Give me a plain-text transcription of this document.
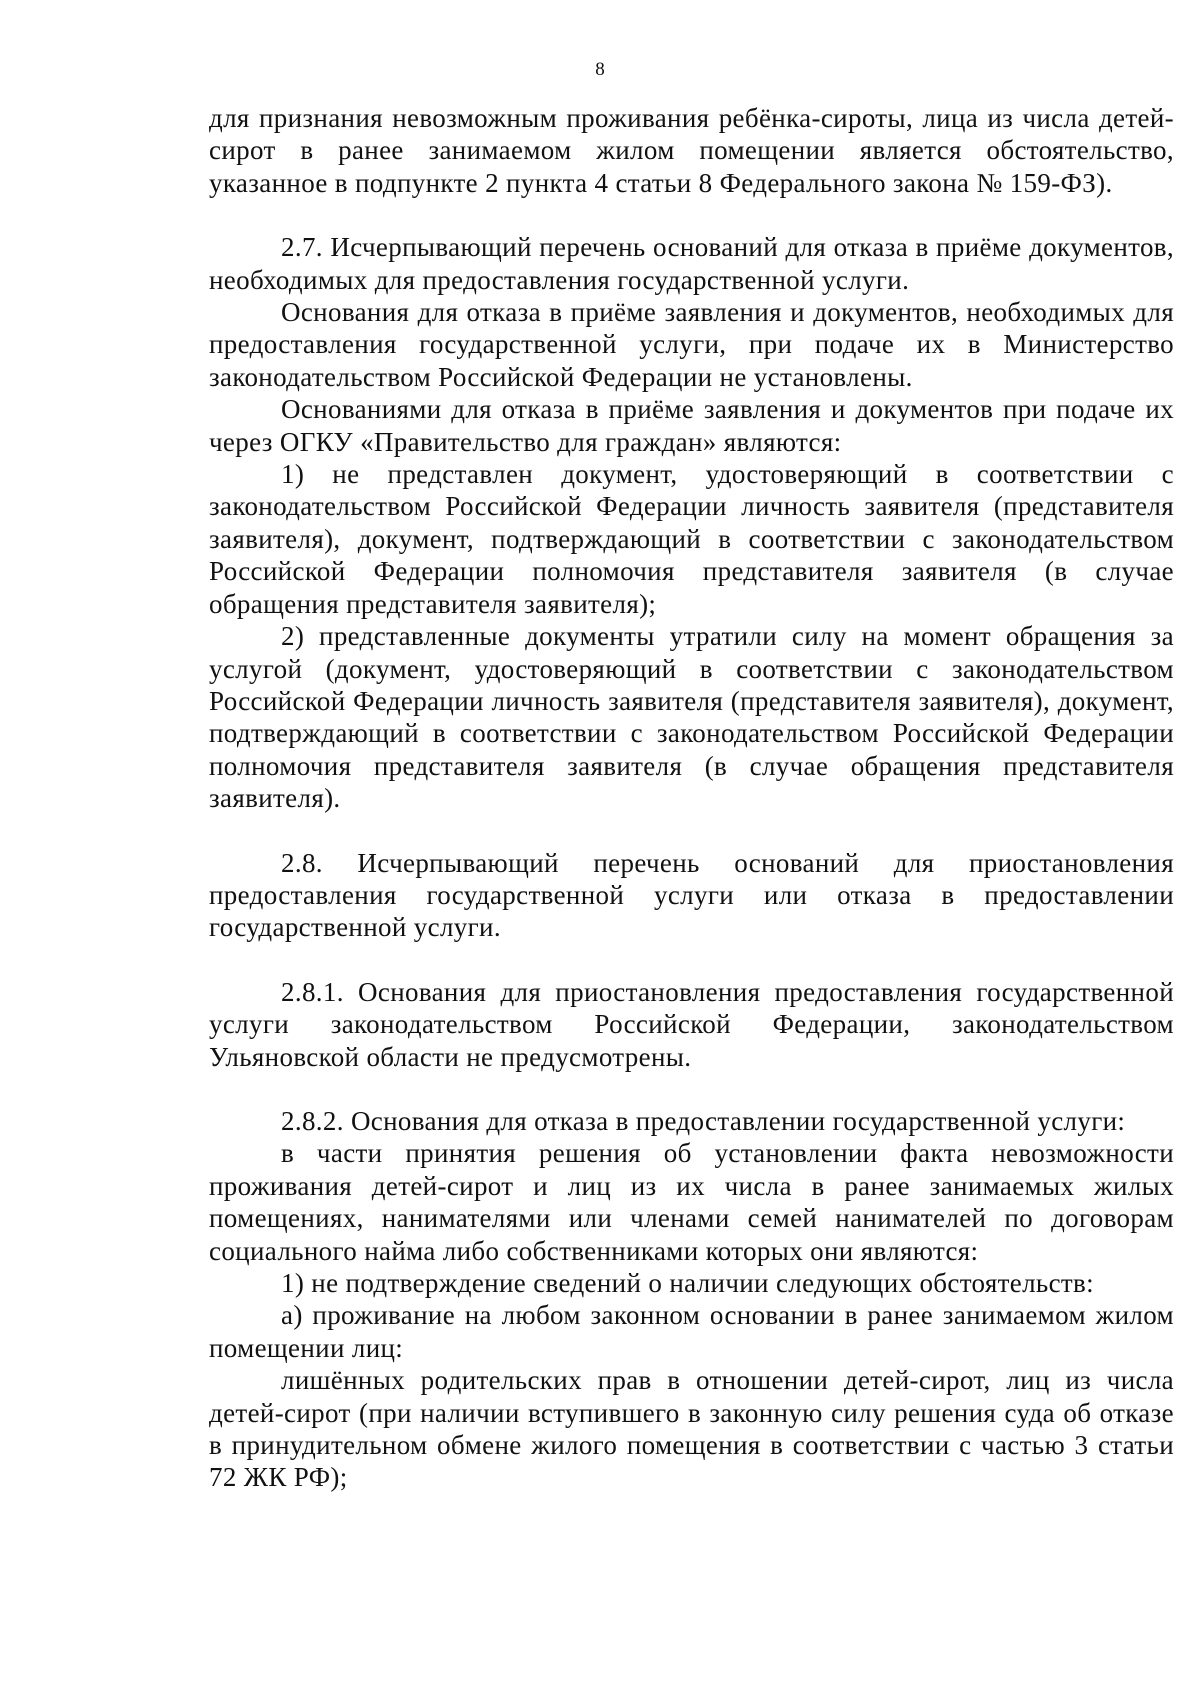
8

для признания невозможным проживания ребёнка-сироты, лица из числа детей-сирот в ранее занимаемом жилом помещении является обстоятельство, указанное в подпункте 2 пункта 4 статьи 8 Федерального закона № 159-ФЗ).

2.7. Исчерпывающий перечень оснований для отказа в приёме документов, необходимых для предоставления государственной услуги.

Основания для отказа в приёме заявления и документов, необходимых для предоставления государственной услуги, при подаче их в Министерство законодательством Российской Федерации не установлены.

Основаниями для отказа в приёме заявления и документов при подаче их через ОГКУ «Правительство для граждан» являются:

1) не представлен документ, удостоверяющий в соответствии с законодательством Российской Федерации личность заявителя (представителя заявителя), документ, подтверждающий в соответствии с законодательством Российской Федерации полномочия представителя заявителя (в случае обращения представителя заявителя);

2) представленные документы утратили силу на момент обращения за услугой (документ, удостоверяющий в соответствии с законодательством Российской Федерации личность заявителя (представителя заявителя), документ, подтверждающий в соответствии с законодательством Российской Федерации полномочия представителя заявителя (в случае обращения представителя заявителя).

2.8. Исчерпывающий перечень оснований для приостановления предоставления государственной услуги или отказа в предоставлении государственной услуги.

2.8.1. Основания для приостановления предоставления государственной услуги законодательством Российской Федерации, законодательством Ульяновской области не предусмотрены.

2.8.2. Основания для отказа в предоставлении государственной услуги:

в части принятия решения об установлении факта невозможности проживания детей-сирот и лиц из их числа в ранее занимаемых жилых помещениях, нанимателями или членами семей нанимателей по договорам социального найма либо собственниками которых они являются:

1) не подтверждение сведений о наличии следующих обстоятельств:

а) проживание на любом законном основании в ранее занимаемом жилом помещении лиц:

лишённых родительских прав в отношении детей-сирот, лиц из числа детей-сирот (при наличии вступившего в законную силу решения суда об отказе в принудительном обмене жилого помещения в соответствии с частью 3 статьи 72 ЖК РФ);
